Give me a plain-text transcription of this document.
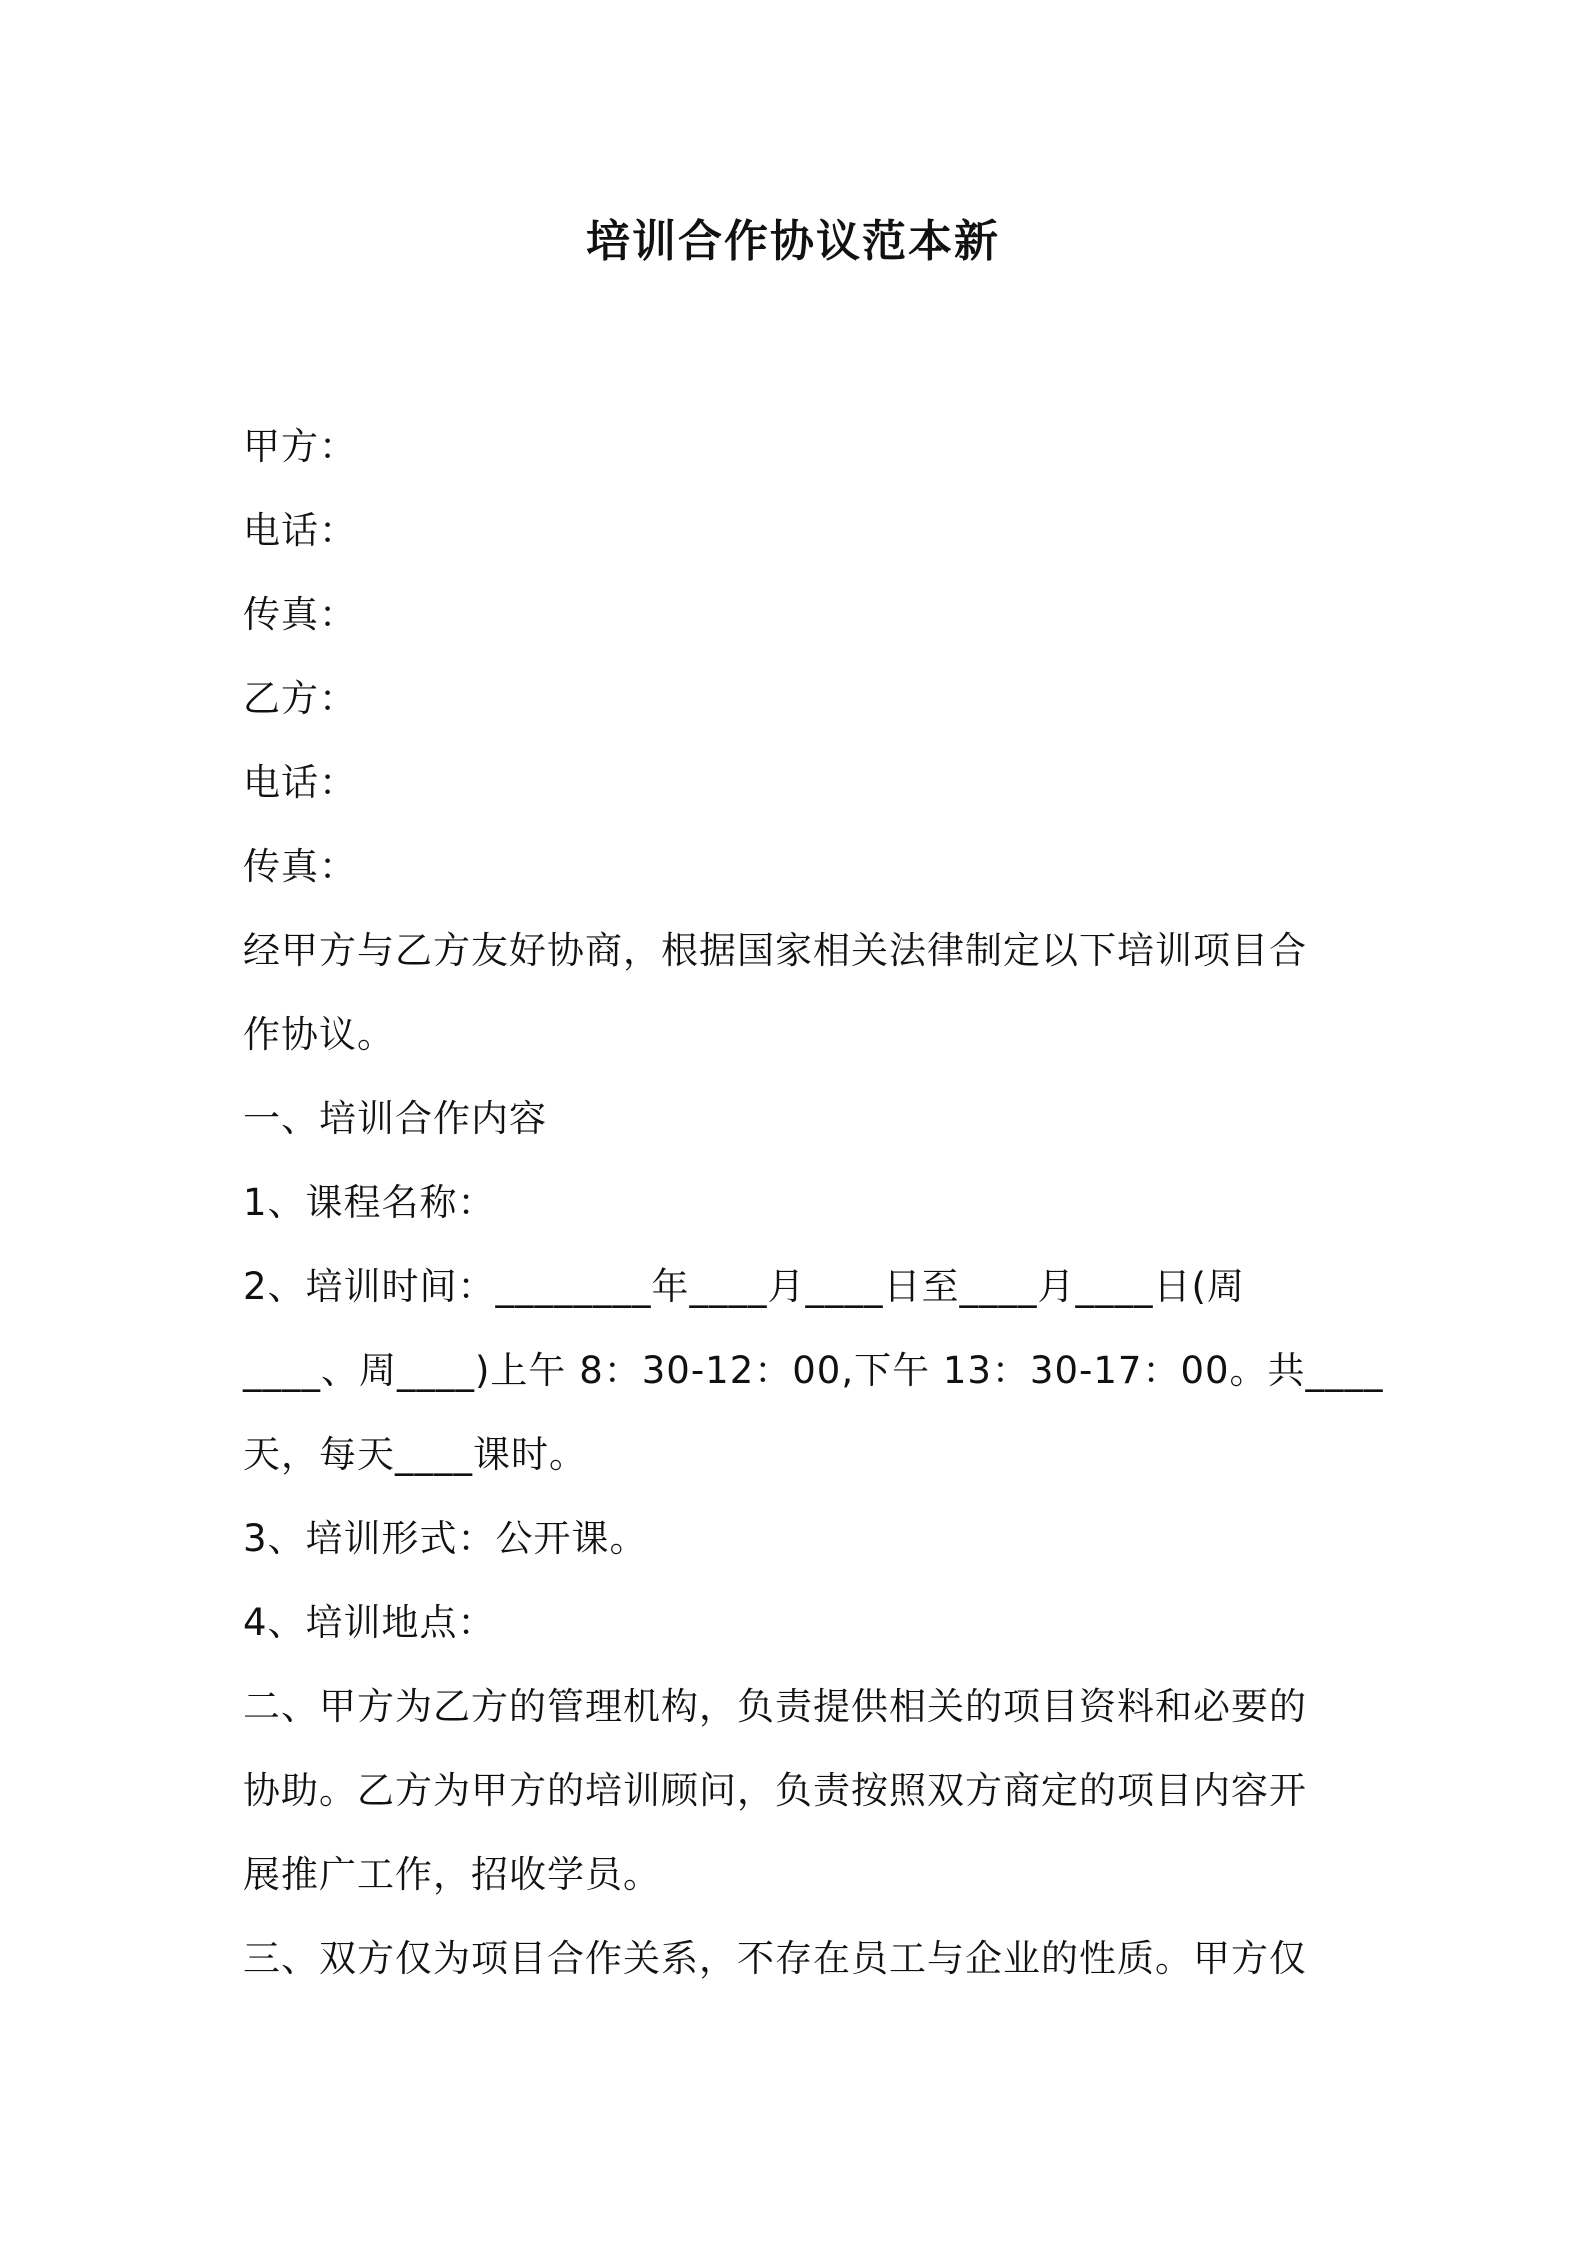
培训合作协议范本新

甲方：

电话：

传真：

乙方：

电话：

传真：

经甲方与乙方友好协商，根据国家相关法律制定以下培训项目合

作协议。

一、培训合作内容

1、课程名称：

2、培训时间：________年____月____日至____月____日(周

____、周____)上午 8：30-12：00,下午 13：30-17：00。共____

天，每天____课时。

3、培训形式：公开课。

4、培训地点：

二、甲方为乙方的管理机构，负责提供相关的项目资料和必要的

协助。乙方为甲方的培训顾问，负责按照双方商定的项目内容开

展推广工作，招收学员。

三、双方仅为项目合作关系，不存在员工与企业的性质。甲方仅
